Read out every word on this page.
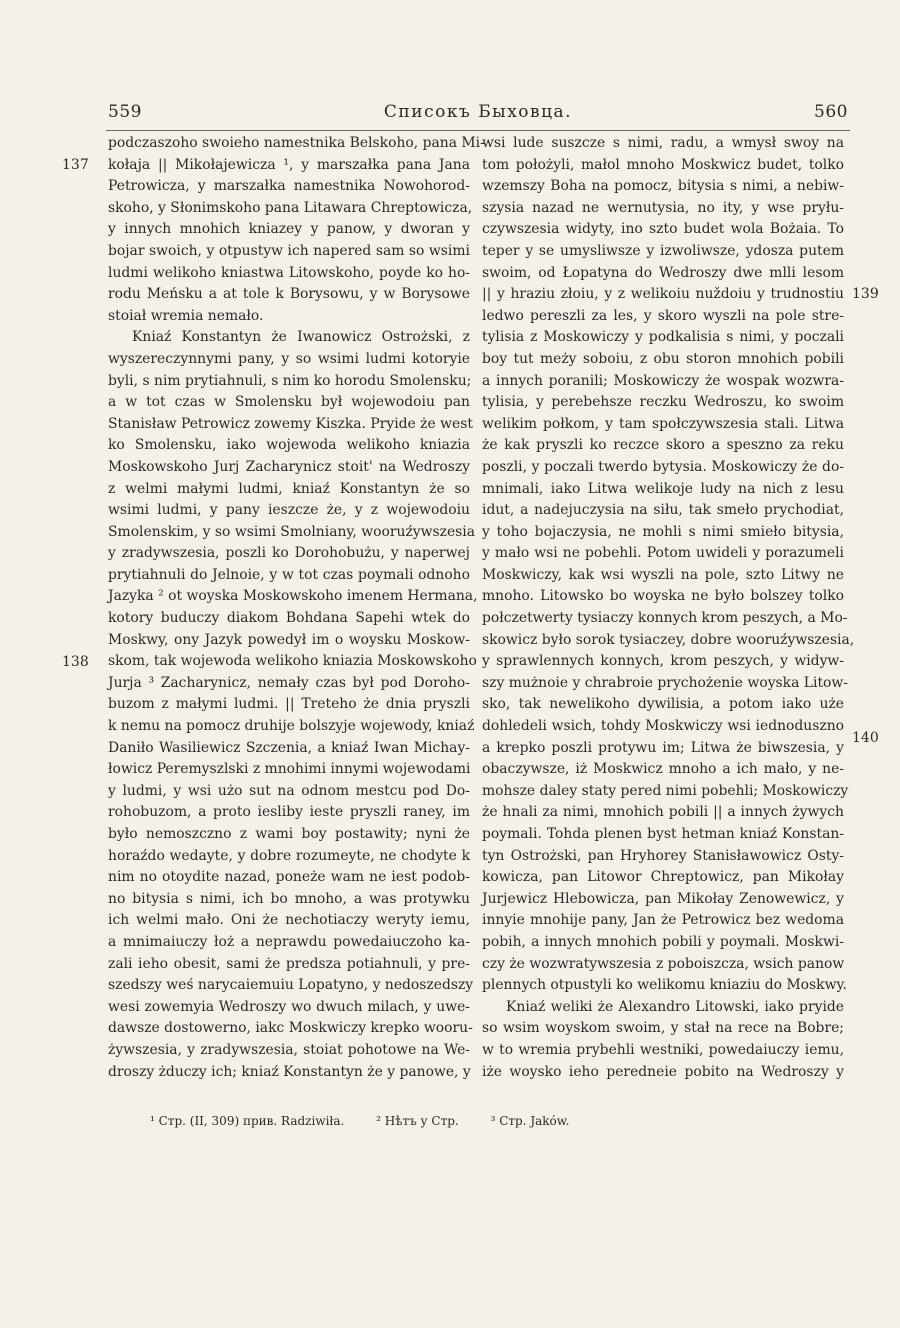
559	Списокъ Быховца.	560
podczaszoho swoieho namestnika Belskoho, pana Mi-
kołaja || Mikołajewicza ¹, y marszałka pana Jana
Petrowicza, y marszałka namestnika Nowohorod-
skoho, y Słonimskoho pana Litawara Chreptowicza,
y innych mnohich kniazey y panow, y dworan y
bojar swoich, y otpustyw ich napered sam so wsimi
ludmi welikoho kniastwa Litowskoho, poyde ko ho-
rodu Meńsku a at tole k Borysowu, y w Borysowe
stoiał wremia nemało.
Kniaź Konstantyn że Iwanowicz Ostrożski, z
wyszereczynnymi pany, y so wsimi ludmi kotoryie
byli, s nim prytiahnuli, s nim ko horodu Smolensku;
a w tot czas w Smolensku był wojewodoiu pan
Stanisław Petrowicz zowemy Kiszka. Pryide że west
ko Smolensku, iako wojewoda welikoho kniazia
Moskowskoho Jurj Zacharynicz stoit' na Wedroszy
z welmi małymi ludmi, kniaź Konstantyn że so
wsimi ludmi, y pany ieszcze że, y z wojewodoiu
Smolenskim, y so wsimi Smolniany, wooruźywszesia
y zradywszesia, poszli ko Dorohobużu, y naperwej
prytiahnuli do Jelnoie, y w tot czas poymali odnoho
Jazyka ² ot woyska Moskowskoho imenem Hermana,
kotory buduczy diakom Bohdana Sapehi wtek do
Moskwy, ony Jazyk powedył im o woysku Moskow-
skom, tak wojewoda welikoho kniazia Moskowskoho
Jurja ³ Zacharynicz, nemały czas był pod Doroho-
buzom z małymi ludmi. || Treteho że dnia pryszli
k nemu na pomocz druhije bolszyje wojewody, kniaź
Daniło Wasiliewicz Szczenia, a kniaź Iwan Michay-
łowicz Peremyszlski z mnohimi innymi wojewodami
y ludmi, y wsi użo sut na odnom mestcu pod Do-
rohobuzom, a proto iesliby ieste pryszli raney, im
było nemoszczno z wami boy postawity; nyni że
horaźdo wedayte, y dobre rozumeyte, ne chodyte k
nim no otoydite nazad, poneże wam ne iest podob-
no bitysia s nimi, ich bo mnoho, a was protywku
ich welmi mało. Oni że nechotiaczy weryty iemu,
a mnimaiuczy łoż a neprawdu powedaiuczoho ka-
zali ieho obesit, sami że predsza potiahnuli, y pre-
szedszy weś narycaiemuiu Lopatyno, y nedoszedszy
wesi zowemyia Wedroszy wo dwuch milach, y uwe-
dawsze dostowerno, iakc Moskwiczy krepko wooru-
żywszesia, y zradywszesia, stoiat pohotowe na We-
droszy żduczy ich; kniaź Konstantyn że y panowe, y
wsi lude suszcze s nimi, radu, a wmysł swoy na
tom położyli, małol mnoho Moskwicz budet, tolko
wzemszy Boha na pomocz, bitysia s nimi, a nebiw-
szysia nazad ne wernutysia, no ity, y wse pryłu-
czywszesia widyty, ino szto budet wola Bożaia. To
teper y se umysliwsze y izwoliwsze, ydosza putem
swoim, od Łopatyna do Wedroszy dwe mlli lesom
|| y hraziu złoiu, y z welikoiu nuždoiu y trudnostiu
ledwo pereszli za les, y skoro wyszli na pole stre-
tylisia z Moskowiczy y podkalisia s nimi, y poczali
boy tut meży soboiu, z obu storon mnohich pobili
a innych poranili; Moskowiczy że wospak wozwra-
tylisia, y perebehsze reczku Wedroszu, ko swoim
welikim połkom, y tam społczywszesia stali. Litwa
że kak pryszli ko reczce skoro a speszno za reku
poszli, y poczali twerdo bytysia. Moskowiczy że do-
mnimali, iako Litwa welikoje ludy na nich z lesu
idut, a nadejuczysia na siłu, tak smeło prychodiat,
y toho bojaczysia, ne mohli s nimi smieło bitysia,
y mało wsi ne pobehli. Potom uwideli y porazumeli
Moskwiczy, kak wsi wyszli na pole, szto Litwy ne
mnoho. Litowsko bo woyska ne było bolszey tolko
połczetwerty tysiaczy konnych krom peszych, a Mo-
skowicz było sorok tysiaczey, dobre wooruźywszesia,
y sprawlennych konnych, krom peszych, y widyw-
szy mużnoie y chrabroie prychożenie woyska Litow-
sko, tak newelikoho dywilisia, a potom iako uże
dohledeli wsich, tohdy Moskwiczy wsi iednoduszno
a krepko poszli protywu im; Litwa że biwszesia, y
obaczywsze, iż Moskwicz mnoho a ich mało, y ne-
mohsze daley staty pered nimi pobehli; Moskowiczy
że hnali za nimi, mnohich pobili || a innych żywych
poymali. Tohda plenen byst hetman kniaź Konstan-
tyn Ostrożski, pan Hryhorey Stanisławowicz Osty-
kowicza, pan Litowor Chreptowicz, pan Mikołay
Jurjewicz Hlebowicza, pan Mikołay Zenowewicz, y
innyie mnohije pany, Jan że Petrowicz bez wedoma
pobih, a innych mnohich pobili y poymali. Moskwi-
czy że wozwratywszesia z poboiszcza, wsich panow
plennych otpustyli ko welikomu kniaziu do Moskwy.
Kniaź weliki że Alexandro Litowski, iako pryide
so wsim woyskom swoim, y stał na rece na Bobre;
w to wremia prybehli westniki, powedaiuczy iemu,
iże woysko ieho peredneie pobito na Wedroszy y
137
138
139
140
¹ Стр. (II, 309) прив. Radziwiła.	² Нѣтъ у Стр.	³ Стр. Jaków.
